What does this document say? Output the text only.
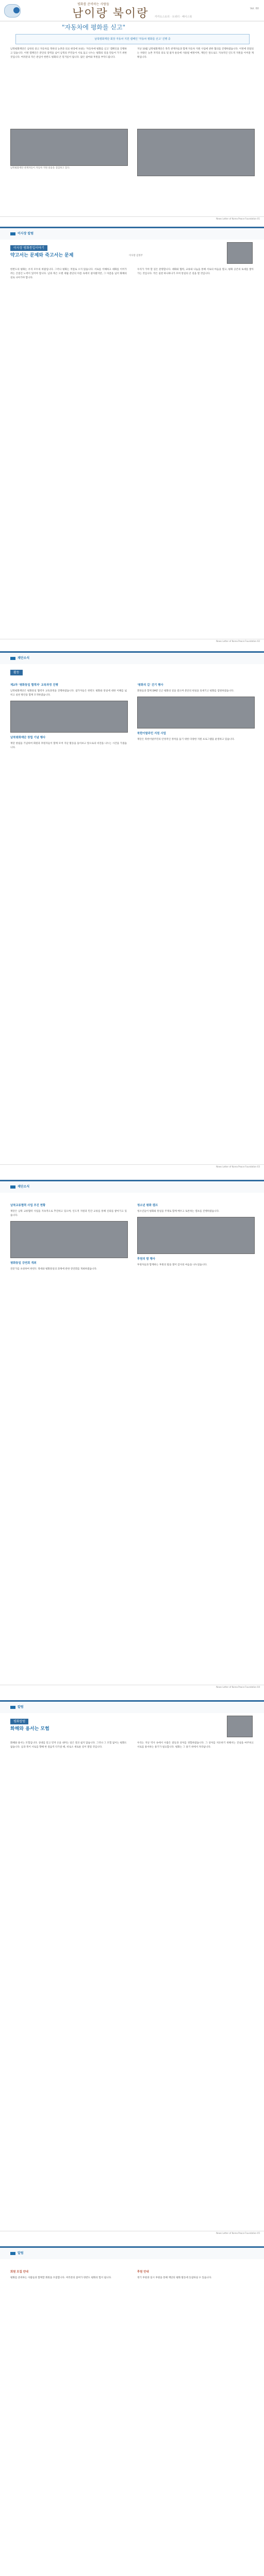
평화를 준비하는 사람들
남이랑 북이랑	Vol. 60
카카오스토리 · 트위터 · 페이스북
"자동차에 평화를 싣고"
남북평화재단 회장 자동차 지원 캠페인 '자동차 평화를 싣고' 진행 중
남북평화재단은 남한의 중고 자동차를 북한의 농촌과 의료 현장에 보내는 '자동차에 평화를 싣고' 캠페인을 진행하고 있습니다. 이번 캠페인은 분단의 장벽을 넘어 남북의 주민들이 서로 돕고 나누는 평화의 길을 만들어 가기 위한 것입니다. 여러분의 작은 관심이 한반도 평화의 큰 밑거름이 됩니다. 많은 참여와 후원을 부탁드립니다.
지난 10월 남북평화재단은 북측 관계자들과 함께 자동차 지원 사업에 관한 협의를 진행하였습니다. 이번에 전달되는 차량은 농촌 지역의 의료 및 물자 운송에 사용될 예정이며, 재단은 앞으로도 지속적인 인도적 지원을 이어갈 계획입니다.
남북평화재단 관계자들이 자동차 지원 물품을 점검하고 있다.
News Letter of Korea Peace Foundation 01
이사장 칼럼
이사장 평화통일이야기
약고서는 문제와 죽고서는 문제	이사장 김영주
한반도의 평화는 우리 모두의 바람입니다. 그러나 평화는 저절로 오지 않습니다. 서로를 이해하고 대화를 이어가려는 끈질긴 노력이 있어야 합니다. 남과 북은 오랜 세월 분단의 아픔 속에서 살아왔지만, 그 아픔을 넘어 화해의 길로 나아가야 합니다.
우리가 가야 할 길은 분명합니다. 대화와 협력, 교류와 나눔을 통해 서로의 마음을 열고, 평화 공존의 토대를 쌓아가는 것입니다. 작은 실천 하나하나가 모여 통일의 큰 길을 열 것입니다.
News Letter of Korea Peace Foundation 02
재단소식
활동
제2차 '평화통일 협력자' 교육과정 진행
남북평화재단은 평화통일 협력자 교육과정을 진행하였습니다. 참가자들은 한반도 평화와 통일에 대한 이해를 넓히고 실천 방안을 함께 모색하였습니다.
남북평화재단 창립 기념 행사
재단 창립을 기념하여 회원과 후원자들이 함께 모여 지난 활동을 돌아보고 앞으로의 비전을 나누는 시간을 가졌습니다.
'평화의 길' 걷기 행사
회원들과 함께 DMZ 인근 평화의 길을 걸으며 분단의 현실을 되새기고 평화를 염원하였습니다.
북한이탈주민 지원 사업
재단은 북한이탈주민의 안정적인 정착을 돕기 위한 다양한 지원 프로그램을 운영하고 있습니다.
News Letter of Korea Peace Foundation 03
재단소식
남북교류협력 사업 추진 현황
재단은 남북 교류협력 사업을 지속적으로 추진하고 있으며, 인도적 지원과 민간 교류를 통해 신뢰를 쌓아가고 있습니다.
평화통일 강연회 개최
전문가를 초청하여 한반도 정세와 평화통일의 과제에 관한 강연회를 개최하였습니다.
청소년 평화 캠프
청소년들이 평화와 통일을 주제로 함께 배우고 토론하는 캠프를 진행하였습니다.
후원의 밤 행사
후원자들과 함께하는 후원의 밤을 열어 감사의 마음을 나누었습니다.
News Letter of Korea Peace Foundation 04
칼럼
평화칼럼
화해와 용서는 모험
화해와 용서는 모험입니다. 상대를 믿고 먼저 손을 내미는 일은 결코 쉽지 않습니다. 그러나 그 모험 없이는 평화도 없습니다. 남과 북이 서로를 향해 한 걸음씩 다가갈 때, 비로소 새로운 길이 열릴 것입니다.
우리는 지난 역사 속에서 수많은 갈등과 상처를 경험하였습니다. 그 상처를 치유하기 위해서는 진실을 마주하고 서로를 용서하는 용기가 필요합니다. 평화는 그 용기 위에서 자라납니다.
News Letter of Korea Peace Foundation 05
알림
회원 모집 안내
평화를 준비하는 사람들과 함께할 회원을 모집합니다. 여러분의 참여가 한반도 평화의 힘이 됩니다.
후원 안내
정기 후원과 일시 후원을 통해 재단의 평화 활동에 동참하실 수 있습니다.
